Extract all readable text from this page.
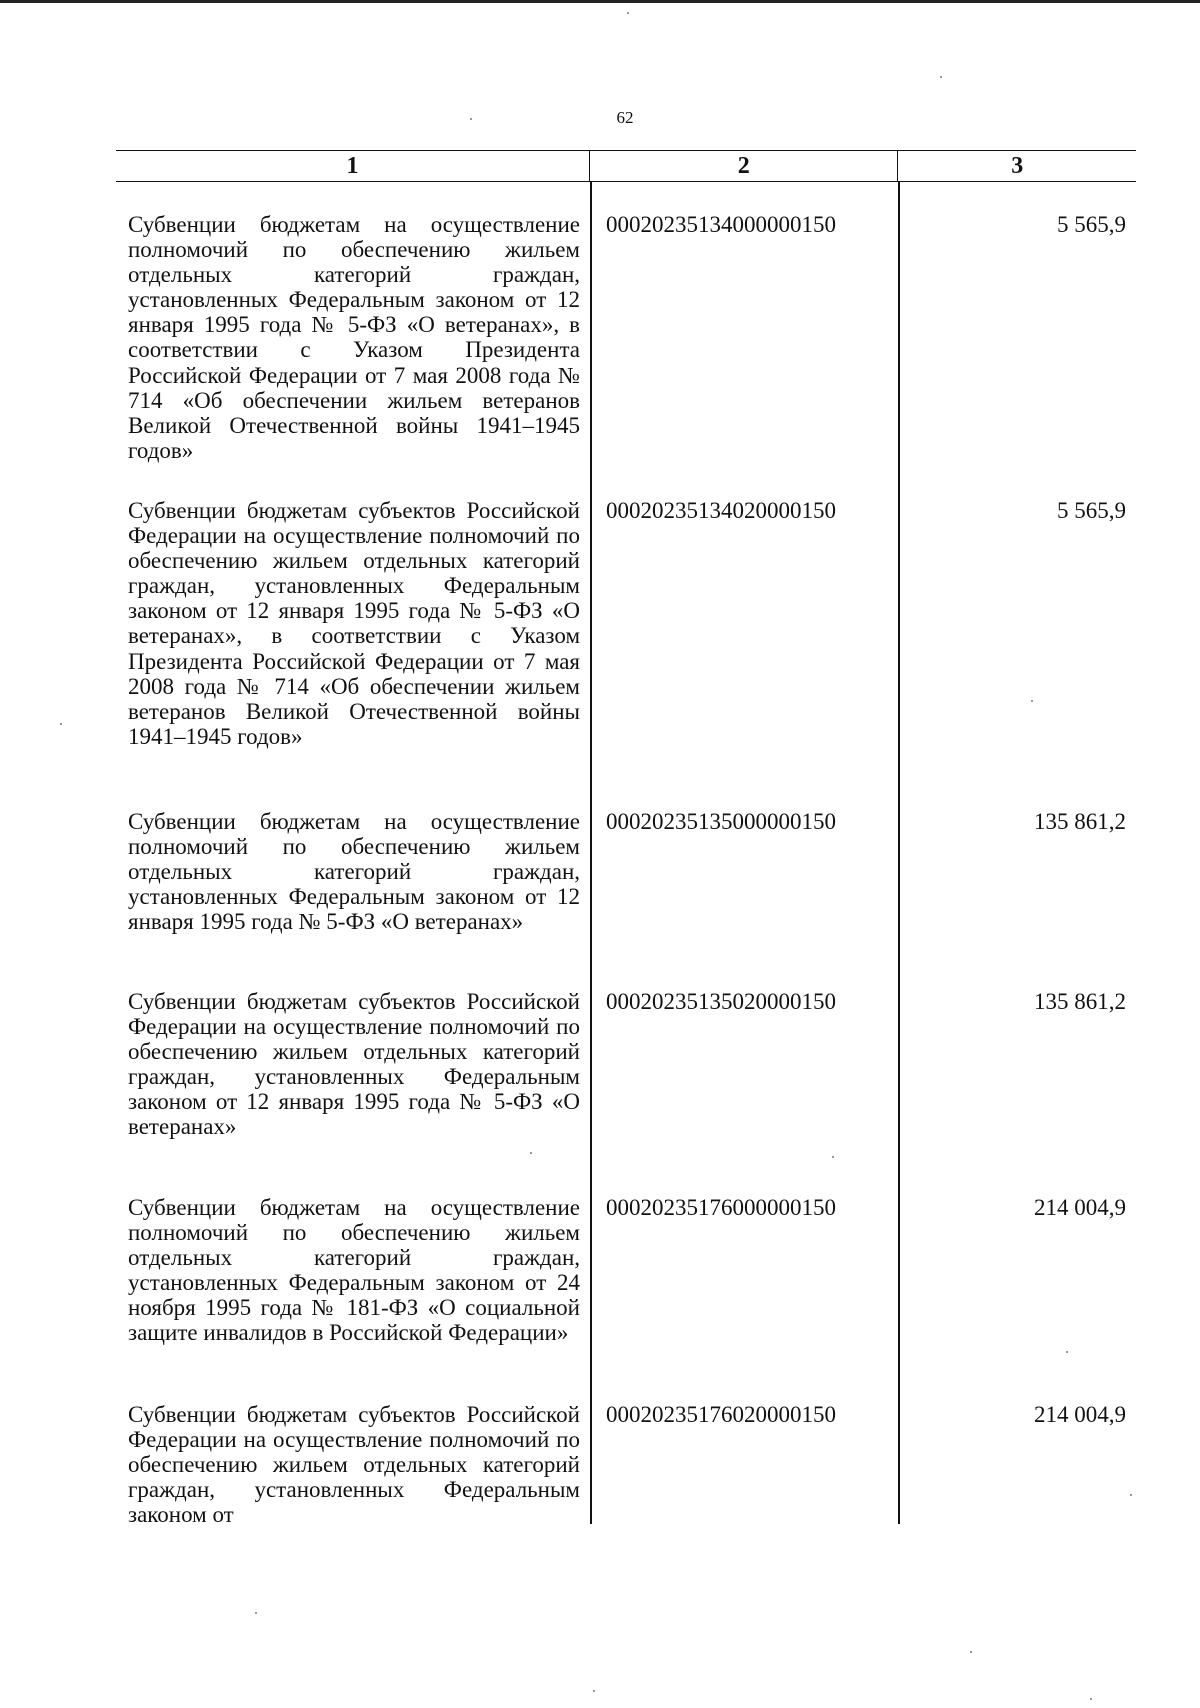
62
1	2	3
Субвенции бюджетам на осуществление полномочий по обеспечению жильем отдельных категорий граждан, установленных Федеральным законом от 12 января 1995 года № 5-ФЗ «О ветеранах», в соответствии с Указом Президента Российской Федерации от 7 мая 2008 года № 714 «Об обеспечении жильем ветеранов Великой Отечественной войны 1941–1945 годов»
00020235134000000150	5 565,9
Субвенции бюджетам субъектов Российской Федерации на осуществление полномочий по обеспечению жильем отдельных категорий граждан, установленных Федеральным законом от 12 января 1995 года № 5-ФЗ «О ветеранах», в соответствии с Указом Президента Российской Федерации от 7 мая 2008 года № 714 «Об обеспечении жильем ветеранов Великой Отечественной войны 1941–1945 годов»
00020235134020000150	5 565,9
Субвенции бюджетам на осуществление полномочий по обеспечению жильем отдельных категорий граждан, установленных Федеральным законом от 12 января 1995 года № 5-ФЗ «О ветеранах»
00020235135000000150	135 861,2
Субвенции бюджетам субъектов Российской Федерации на осуществление полномочий по обеспечению жильем отдельных категорий граждан, установленных Федеральным законом от 12 января 1995 года № 5-ФЗ «О ветеранах»
00020235135020000150	135 861,2
Субвенции бюджетам на осуществление полномочий по обеспечению жильем отдельных категорий граждан, установленных Федеральным законом от 24 ноября 1995 года № 181-ФЗ «О социальной защите инвалидов в Российской Федерации»
00020235176000000150	214 004,9
Субвенции бюджетам субъектов Российской Федерации на осуществление полномочий по обеспечению жильем отдельных категорий граждан, установленных Федеральным законом от
00020235176020000150	214 004,9
